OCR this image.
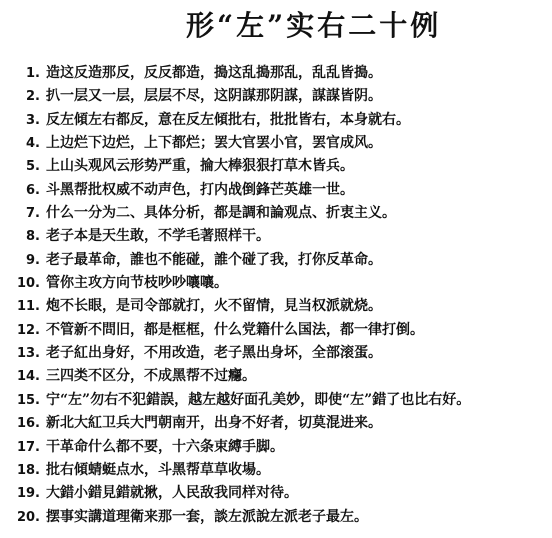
形“左”实右二十例
1. 造这反造那反，反反都造，搗这乱搗那乱，乱乱皆搗。
2. 扒一层又一层，层层不尽，这阴謀那阴謀，謀謀皆阴。
3. 反左傾左右都反，意在反左傾批右，批批皆右，本身就右。
4. 上边烂下边烂，上下都烂；罢大官罢小官，罢官成风。
5. 上山头观风云形势严重，掄大棒狠狠打草木皆兵。
6. 斗黑帮批权威不动声色，打内战倒鋒芒英雄一世。
7. 什么一分为二、具体分析，都是調和論观点、折衷主义。
8. 老子本是天生敢，不学毛著照样干。
9. 老子最革命，誰也不能碰，誰个碰了我，打你反革命。
10. 管你主攻方向节枝吵吵嚷嚷。
11. 炮不长眼，是司令部就打，火不留情，見当权派就烧。
12. 不管新不問旧，都是框框，什么党籍什么国法，都一律打倒。
13. 老子紅出身好，不用改造，老子黑出身坏，全部滚蛋。
14. 三四类不区分，不成黑帮不过癮。
15. 宁“左”勿右不犯錯誤，越左越好面孔美妙，即使“左”錯了也比右好。
16. 新北大紅卫兵大門朝南开，出身不好者，切莫混进来。
17. 干革命什么都不要，十六条束縛手脚。
18. 批右傾蜻蜓点水，斗黑帮草草收場。
19. 大錯小錯見錯就揪，人民敌我同样对待。
20. 摆事实講道理衛来那一套，談左派說左派老子最左。
